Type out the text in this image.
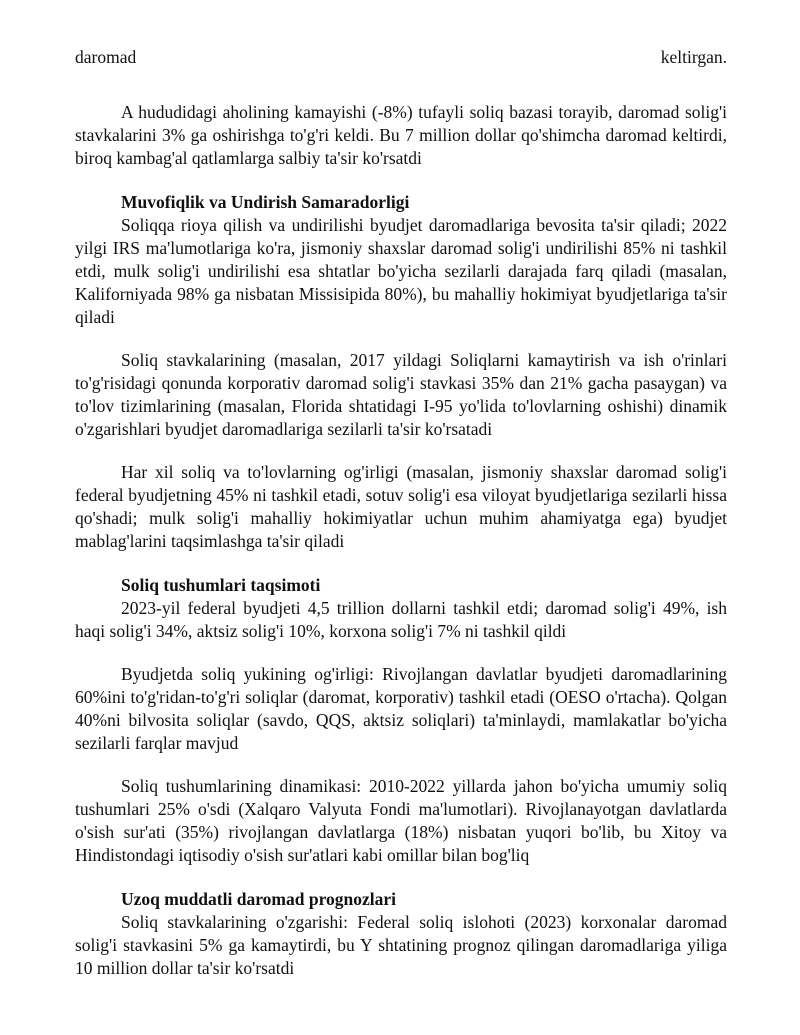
daromad	keltirgan.

A hududidagi aholining kamayishi (-8%) tufayli soliq bazasi torayib, daromad solig'i stavkalarini 3% ga oshirishga to'g'ri keldi. Bu 7 million dollar qo'shimcha daromad keltirdi, biroq kambag'al qatlamlarga salbiy ta'sir ko'rsatdi

Muvofiqlik va Undirish Samaradorligi

Soliqqa rioya qilish va undirilishi byudjet daromadlariga bevosita ta'sir qiladi; 2022 yilgi IRS ma'lumotlariga ko'ra, jismoniy shaxslar daromad solig'i undirilishi 85% ni tashkil etdi, mulk solig'i undirilishi esa shtatlar bo'yicha sezilarli darajada farq qiladi (masalan, Kaliforniyada 98% ga nisbatan Missisipida 80%), bu mahalliy hokimiyat byudjetlariga ta'sir qiladi

Soliq stavkalarining (masalan, 2017 yildagi Soliqlarni kamaytirish va ish o'rinlari to'g'risidagi qonunda korporativ daromad solig'i stavkasi 35% dan 21% gacha pasaygan) va to'lov tizimlarining (masalan, Florida shtatidagi I-95 yo'lida to'lovlarning oshishi) dinamik o'zgarishlari byudjet daromadlariga sezilarli ta'sir ko'rsatadi

Har xil soliq va to'lovlarning og'irligi (masalan, jismoniy shaxslar daromad solig'i federal byudjetning 45% ni tashkil etadi, sotuv solig'i esa viloyat byudjetlariga sezilarli hissa qo'shadi; mulk solig'i mahalliy hokimiyatlar uchun muhim ahamiyatga ega) byudjet mablag'larini taqsimlashga ta'sir qiladi

Soliq tushumlari taqsimoti

2023-yil federal byudjeti 4,5 trillion dollarni tashkil etdi; daromad solig'i 49%, ish haqi solig'i 34%, aktsiz solig'i 10%, korxona solig'i 7% ni tashkil qildi

Byudjetda soliq yukining og'irligi: Rivojlangan davlatlar byudjeti daromadlarining 60%ini to'g'ridan-to'g'ri soliqlar (daromat, korporativ) tashkil etadi (OESO o'rtacha). Qolgan 40%ni bilvosita soliqlar (savdo, QQS, aktsiz soliqlari) ta'minlaydi, mamlakatlar bo'yicha sezilarli farqlar mavjud

Soliq tushumlarining dinamikasi: 2010-2022 yillarda jahon bo'yicha umumiy soliq tushumlari 25% o'sdi (Xalqaro Valyuta Fondi ma'lumotlari). Rivojlanayotgan davlatlarda o'sish sur'ati (35%) rivojlangan davlatlarga (18%) nisbatan yuqori bo'lib, bu Xitoy va Hindistondagi iqtisodiy o'sish sur'atlari kabi omillar bilan bog'liq

Uzoq muddatli daromad prognozlari

Soliq stavkalarining o'zgarishi: Federal soliq islohoti (2023) korxonalar daromad solig'i stavkasini 5% ga kamaytirdi, bu Y shtatining prognoz qilingan daromadlariga yiliga 10 million dollar ta'sir ko'rsatdi
